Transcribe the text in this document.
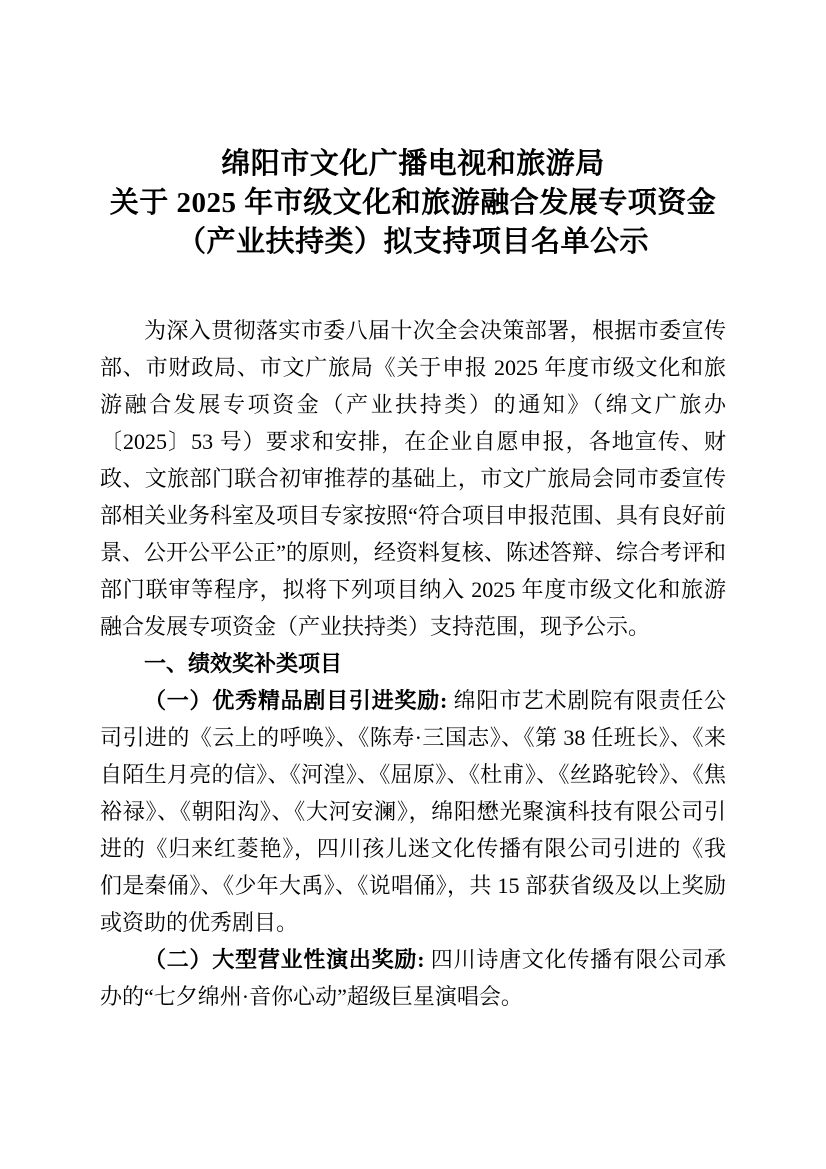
绵阳市文化广播电视和旅游局
关于 2025 年市级文化和旅游融合发展专项资金
（产业扶持类）拟支持项目名单公示

为深入贯彻落实市委八届十次全会决策部署，根据市委宣传部、市财政局、市文广旅局《关于申报 2025 年度市级文化和旅游融合发展专项资金（产业扶持类）的通知》（绵文广旅办〔2025〕53 号）要求和安排，在企业自愿申报，各地宣传、财政、文旅部门联合初审推荐的基础上，市文广旅局会同市委宣传部相关业务科室及项目专家按照“符合项目申报范围、具有良好前景、公开公平公正”的原则，经资料复核、陈述答辩、综合考评和部门联审等程序，拟将下列项目纳入 2025 年度市级文化和旅游融合发展专项资金（产业扶持类）支持范围，现予公示。

一、绩效奖补类项目

（一）优秀精品剧目引进奖励: 绵阳市艺术剧院有限责任公司引进的《云上的呼唤》、《陈寿·三国志》、《第 38 任班长》、《来自陌生月亮的信》、《河湟》、《屈原》、《杜甫》、《丝路驼铃》、《焦裕禄》、《朝阳沟》、《大河安澜》，绵阳懋光聚演科技有限公司引进的《归来红菱艳》，四川孩儿迷文化传播有限公司引进的《我们是秦俑》、《少年大禹》、《说唱俑》，共 15 部获省级及以上奖励或资助的优秀剧目。

（二）大型营业性演出奖励: 四川诗唐文化传播有限公司承办的“七夕绵州·音你心动”超级巨星演唱会。
